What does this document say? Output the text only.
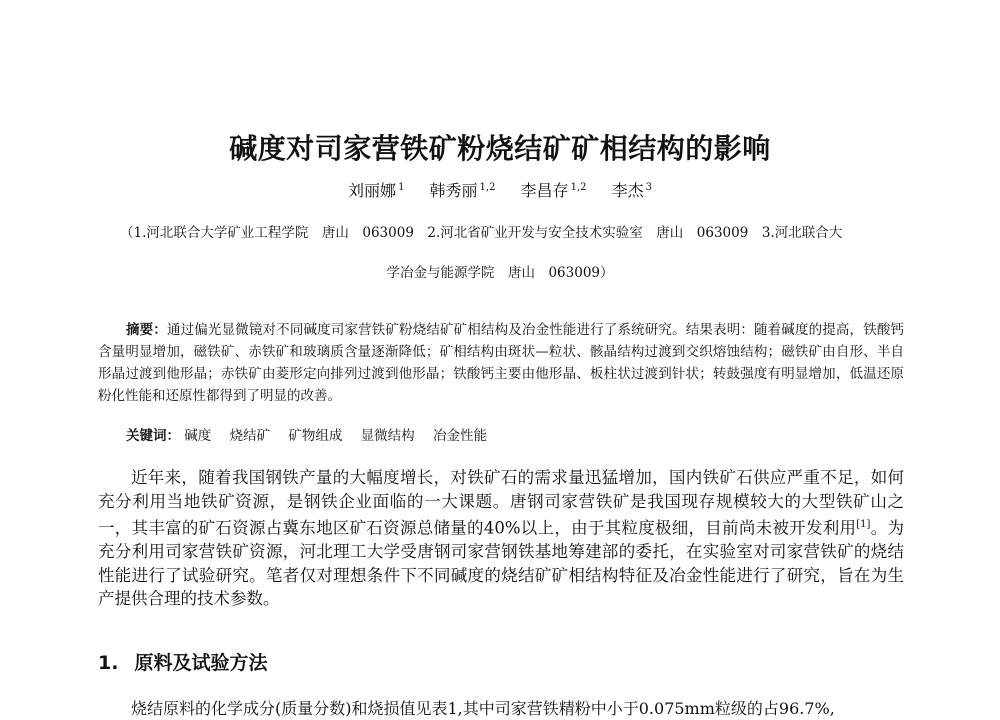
碱度对司家营铁矿粉烧结矿矿相结构的影响
刘丽娜 $^1$ 韩秀丽 $^{1,2}$ 李昌存 $^{1,2}$ 李杰 $^3$
（1.河北联合大学矿业工程学院　唐山　063009　2.河北省矿业开发与安全技术实验室　唐山　063009　3.河北联合大
学冶金与能源学院　唐山　063009）
摘要：通过偏光显微镜对不同碱度司家营铁矿粉烧结矿矿相结构及冶金性能进行了系统研究。结果表明：随着碱度的提高，铁酸钙含量明显增加，磁铁矿、赤铁矿和玻璃质含量逐渐降低；矿相结构由斑状—粒状、骸晶结构过渡到交织熔蚀结构；磁铁矿由自形、半自形晶过渡到他形晶；赤铁矿由菱形定向排列过渡到他形晶；铁酸钙主要由他形晶、板柱状过渡到针状；转鼓强度有明显增加，低温还原粉化性能和还原性都得到了明显的改善。
关键词： 碱度 烧结矿 矿物组成 显微结构 冶金性能
近年来，随着我国钢铁产量的大幅度增长，对铁矿石的需求量迅猛增加，国内铁矿石供应严重不足，如何充分利用当地铁矿资源，是钢铁企业面临的一大课题。唐钢司家营铁矿是我国现存规模较大的大型铁矿山之一，其丰富的矿石资源占冀东地区矿石资源总储量的40%以上，由于其粒度极细，目前尚未被开发利用[1]。为充分利用司家营铁矿资源，河北理工大学受唐钢司家营钢铁基地筹建部的委托，在实验室对司家营铁矿的烧结性能进行了试验研究。笔者仅对理想条件下不同碱度的烧结矿矿相结构特征及冶金性能进行了研究，旨在为生产提供合理的技术参数。
1. 原料及试验方法
烧结原料的化学成分(质量分数)和烧损值见表1,其中司家营铁精粉中小于0.075mm粒级的占96.7%,
